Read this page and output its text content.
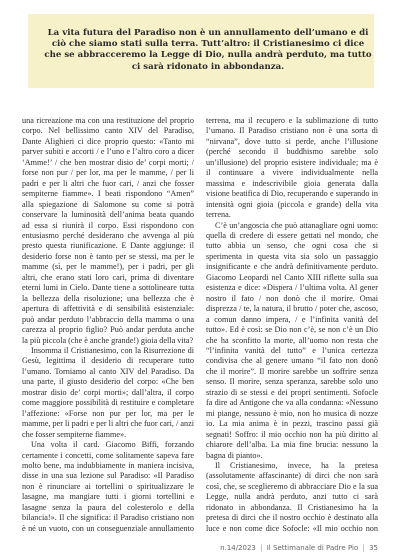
La vita futura del Paradiso non è un annullamento dell’umano e di ciò che siamo stati sulla terra. Tutt’altro: il Cristianesimo ci dice che se abbracceremo la Legge di Dio, nulla andrà perduto, ma tutto ci sarà ridonato in abbondanza.

una ricreazione ma con una restituzione del proprio corpo. Nel bellissimo canto XIV del Paradiso, Dante Alighieri ci dice proprio questo: «Tanto mi parver subiti e accorti / e l’uno e l’altro coro a dicer ‘Amme!’ / che ben mostrar disio de’ corpi morti; / forse non pur / per lor, ma per le mamme, / per li padri e per li altri che fuor cari, / anzi che fosser sempiterne fiamme». I beati rispondono “Amen” alla spiegazione di Salomone su come si potrà conservare la luminosità dell’anima beata quando ad essa si riunirà il corpo. Essi rispondono con entusiasmo perché desiderano che avvenga al più presto questa riunificazione. E Dante aggiunge: il desiderio forse non è tanto per se stessi, ma per le mamme (sì, per le mamme!), per i padri, per gli altri, che erano stati loro cari, prima di diventare eterni lumi in Cielo. Dante tiene a sottolineare tutta la bellezza della risoluzione; una bellezza che è apertura di affettività e di sensibilità esistenziale: può andar perduto l’abbraccio della mamma o una carezza al proprio figlio? Può andar perduta anche la più piccola (che è anche grande!) gioia della vita?

Insomma il Cristianesimo, con la Risurrezione di Gesù, legittima il desiderio di recuperare tutto l’umano. Torniamo al canto XIV del Paradiso. Da una parte, il giusto desiderio del corpo: «Che ben mostrar disio de’ corpi morti»; dall’altra, il corpo come maggiore possibilità di restituire e completare l’affezione: «Forse non pur per lor, ma per le mamme, per li padri e per li altri che fuor cari, / anzi che fosser sempiterne fiamme».

Una volta il card. Giacomo Biffi, forzando certamente i concetti, come solitamente sapeva fare molto bene, ma indubbiamente in maniera incisiva, disse in una sua lezione sul Paradiso: «Il Paradiso non è rinunciare ai tortellini o spiritualizzare le lasagne, ma mangiare tutti i giorni tortellini e lasagne senza la paura del colesterolo e della bilancia!». Il che significa: il Paradiso cristiano non è né un vuoto, con un conseguenziale annullamento

terrena, ma il recupero e la sublimazione di tutto l’umano. Il Paradiso cristiano non è una sorta di “nirvana”, dove tutto si perde, anche l’illusione (perché secondo il buddhismo sarebbe solo un’illusione) del proprio esistere individuale; ma è il continuare a vivere individualmente nella massima e indescrivibile gioia generata dalla visione beatifica di Dio, recuperando e superando in intensità ogni gioia (piccola e grande) della vita terrena.

C’è un’angoscia che può attanagliare ogni uomo: quella di credere di essere gettati nel mondo, che tutto abbia un senso, che ogni cosa che si sperimenta in questa vita sia solo un passaggio insignificante e che andrà definitivamente perduto. Giacomo Leopardi nel Canto XIII riflette sulla sua esistenza e dice: «Dispera / l’ultima volta. Al gener nostro il fato / non donò che il morire. Omai disprezza / te, la natura, il brutto / poter che, ascoso, a comun danno impera, / e l’infinita vanità del tutto». Ed è così: se Dio non c’è, se non c’è un Dio che ha sconfitto la morte, all’uomo non resta che “l’infinita vanità del tutto” e l’unica certezza condivisa che al genere umano “il fato non donò che il morire”. Il morire sarebbe un soffrire senza senso. Il morire, senza speranza, sarebbe solo uno strazio di se stessi e dei propri sentimenti. Sofocle fa dire ad Antigone che va alla condanna: «Nessuno mi piange, nessuno è mio, non ho musica di nozze io. La mia anima è in pezzi, trascino passi già segnati! Soffro: il mio occhio non ha più diritto al chiarore dell’alba. La mia fine brucia: nessuno la bagna di pianto».

Il Cristianesimo, invece, ha la pretesa (assolutamente affascinante) di dirci che non sarà così, che, se sceglieremo di abbracciare Dio e la sua Legge, nulla andrà perduto, anzi tutto ci sarà ridonato in abbondanza. Il Cristianesimo ha la pretesa di dirci che il nostro occhio è destinato alla luce e non come dice Sofocle: «Il mio occhio non

n.14/2023 | Il Settimanale di Padre Pio | 35
